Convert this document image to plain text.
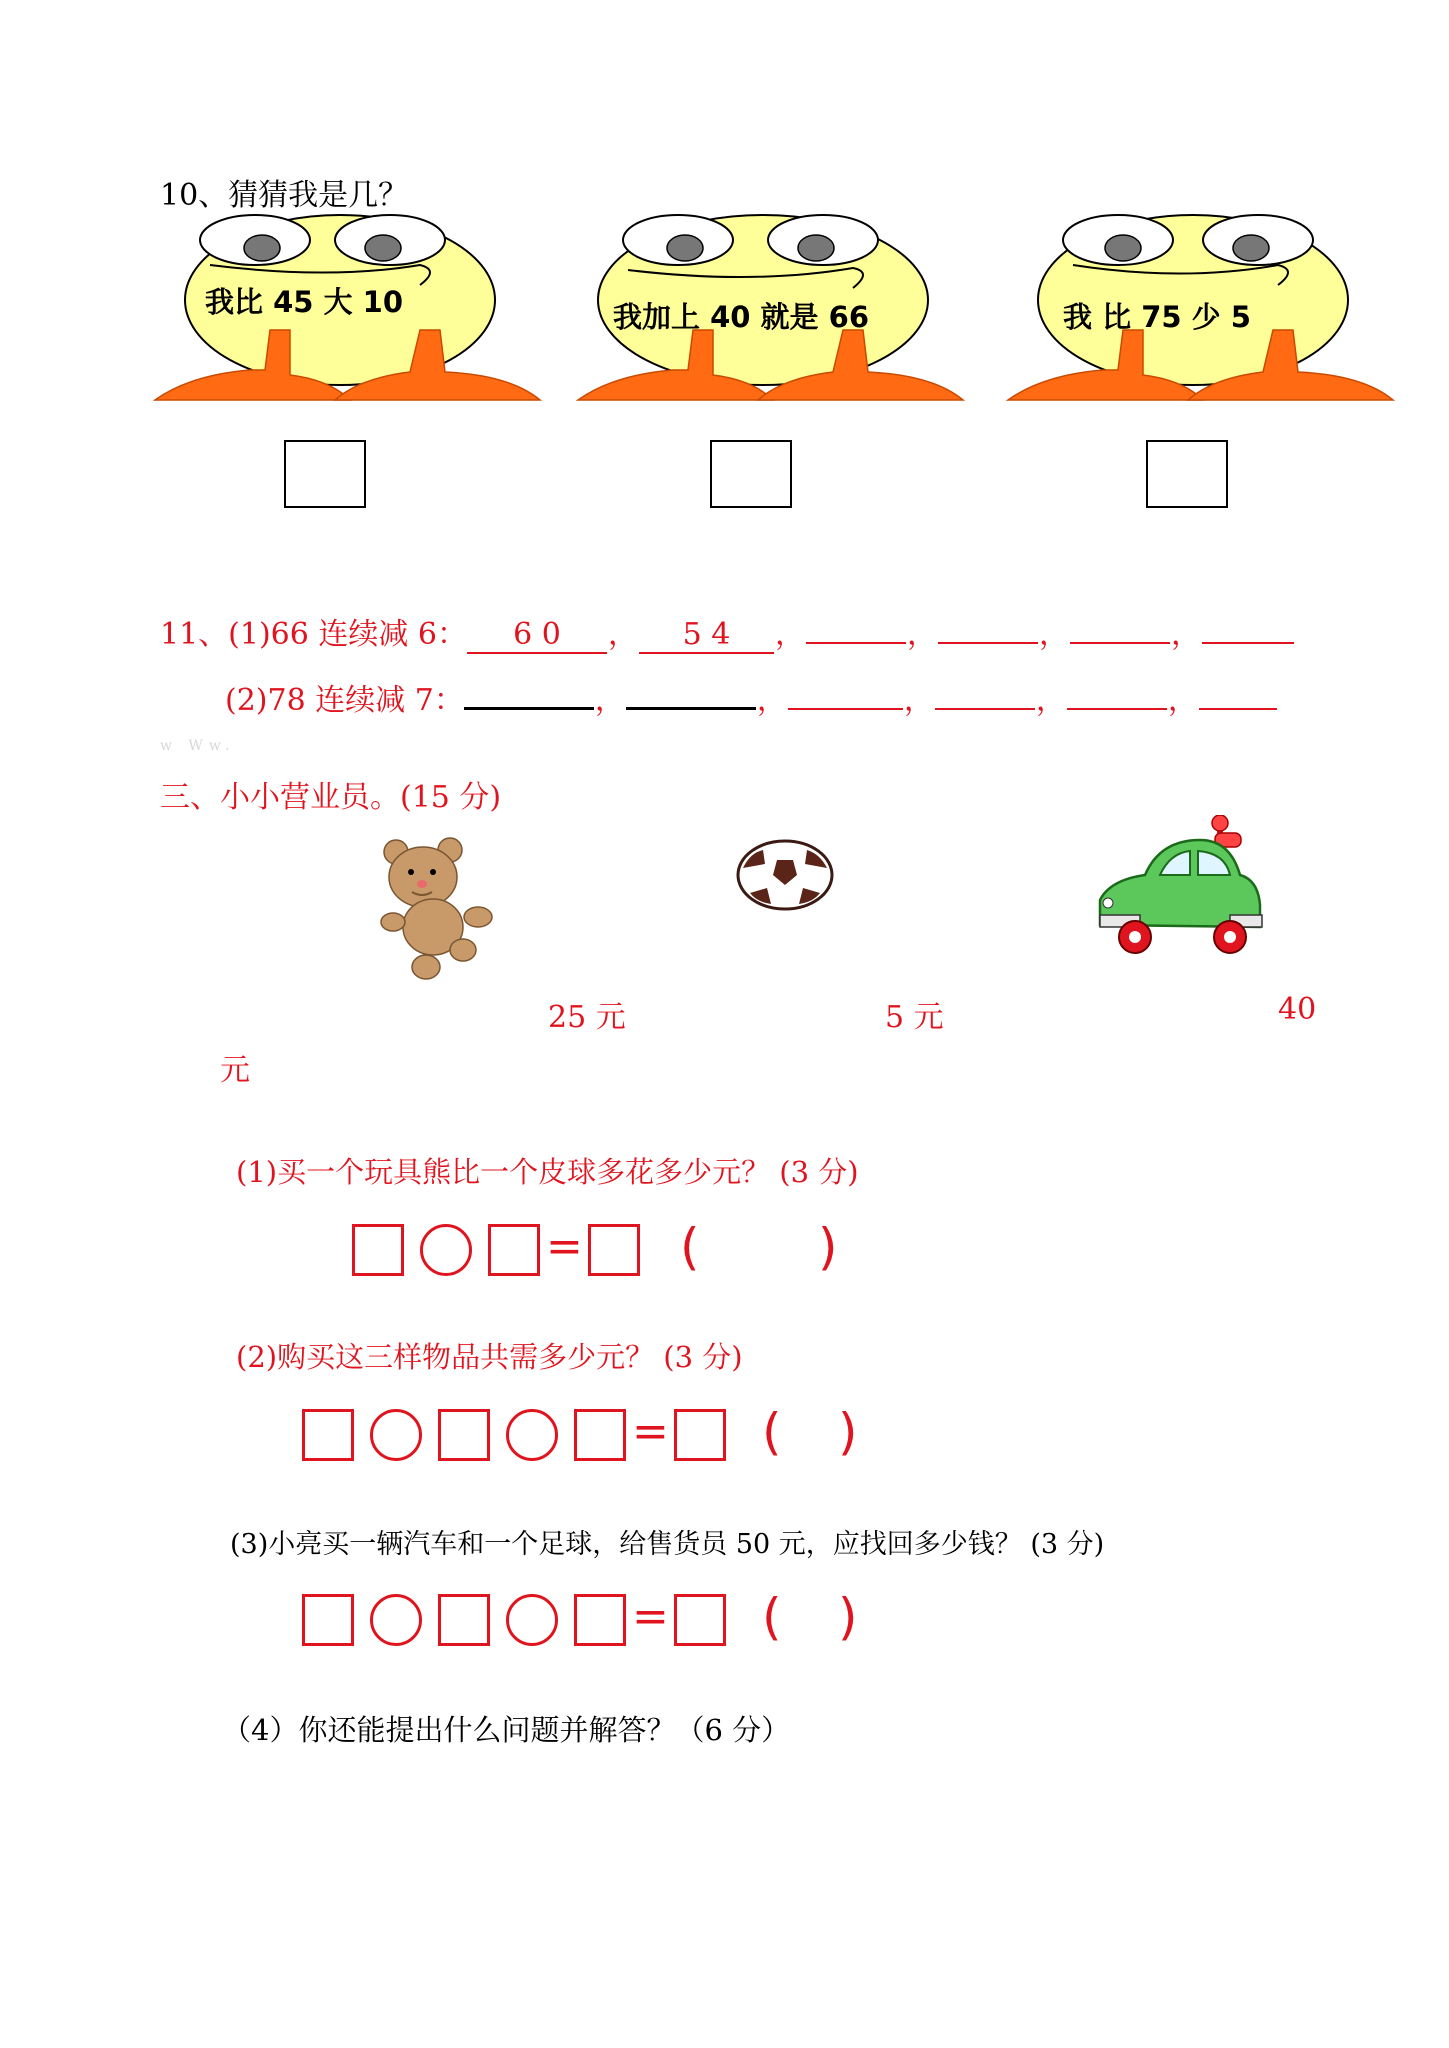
10、猜猜我是几？
我比 45 大 10	我加上 40 就是 66	我 比 75 少 5
11、(1)66 连续减 6： 6 0 ， 5 4 ，	，	，	，
(2)78 连续减 7：	，	，	，	，	，
w Ww.
三、小小营业员。(15 分)
25 元	5 元	40
元
(1)买一个玩具熊比一个皮球多花多少元？ (3 分)
= ( )
(2)购买这三样物品共需多少元？ (3 分)
= ( )
(3)小亮买一辆汽车和一个足球，给售货员 50 元，应找回多少钱？ (3 分)
= ( )
（4）你还能提出什么问题并解答？（6 分）
